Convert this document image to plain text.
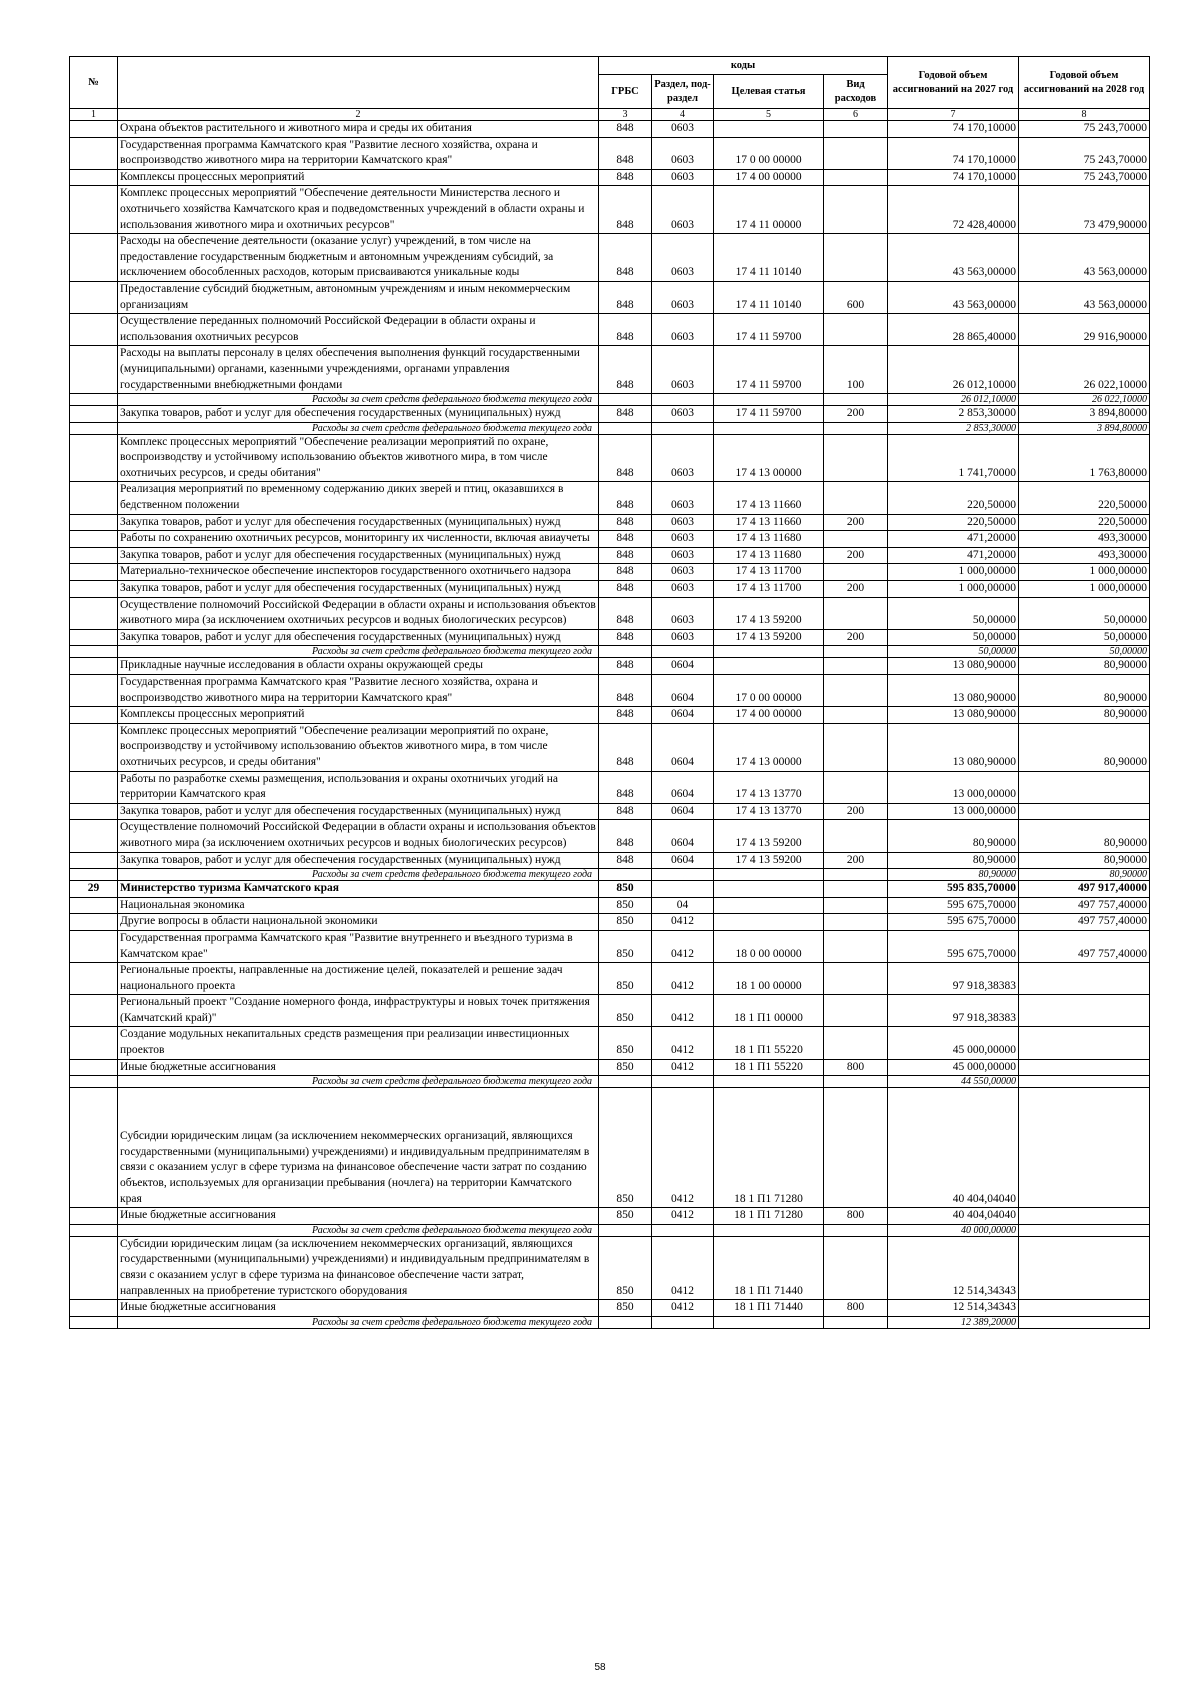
№		коды				Годовой объем ассигнований на 2027 год	Годовой объем ассигнований на 2028 год
		ГРБС	Раздел, под-раздел	Целевая статья	Вид расходов		
1	2	3	4	5	6	7	8
	Охрана объектов растительного и животного мира и среды их обитания	848	0603			74 170,10000	75 243,70000
	Государственная программа Камчатского края "Развитие лесного хозяйства, охрана и воспроизводство животного мира на территории Камчатского края"	848	0603	17 0 00 00000		74 170,10000	75 243,70000
	Комплексы процессных мероприятий	848	0603	17 4 00 00000		74 170,10000	75 243,70000
	Комплекс процессных мероприятий "Обеспечение деятельности Министерства лесного и охотничьего хозяйства Камчатского края и подведомственных учреждений в области охраны и использования животного мира и охотничьих ресурсов"	848	0603	17 4 11 00000		72 428,40000	73 479,90000
	Расходы на обеспечение деятельности (оказание услуг) учреждений, в том числе на предоставление государственным бюджетным и автономным учреждениям субсидий, за исключением обособленных расходов, которым присваиваются уникальные коды	848	0603	17 4 11 10140		43 563,00000	43 563,00000
	Предоставление субсидий бюджетным, автономным учреждениям и иным некоммерческим организациям	848	0603	17 4 11 10140	600	43 563,00000	43 563,00000
	Осуществление переданных полномочий Российской Федерации в области охраны и использования охотничьих ресурсов	848	0603	17 4 11 59700		28 865,40000	29 916,90000
	Расходы на выплаты персоналу в целях обеспечения выполнения функций государственными (муниципальными) органами, казенными учреждениями, органами управления государственными внебюджетными фондами	848	0603	17 4 11 59700	100	26 012,10000	26 022,10000
	Расходы за счет средств федерального бюджета текущего года					26 012,10000	26 022,10000
	Закупка товаров, работ и услуг для обеспечения государственных (муниципальных) нужд	848	0603	17 4 11 59700	200	2 853,30000	3 894,80000
	Расходы за счет средств федерального бюджета текущего года					2 853,30000	3 894,80000
	Комплекс процессных мероприятий "Обеспечение реализации мероприятий по охране, воспроизводству и устойчивому использованию объектов животного мира, в том числе охотничьих ресурсов, и среды обитания"	848	0603	17 4 13 00000		1 741,70000	1 763,80000
	Реализация мероприятий по временному содержанию диких зверей и птиц, оказавшихся в бедственном положении	848	0603	17 4 13 11660		220,50000	220,50000
	Закупка товаров, работ и услуг для обеспечения государственных (муниципальных) нужд	848	0603	17 4 13 11660	200	220,50000	220,50000
	Работы по сохранению охотничьих ресурсов, мониторингу их численности, включая авиаучеты	848	0603	17 4 13 11680		471,20000	493,30000
	Закупка товаров, работ и услуг для обеспечения государственных (муниципальных) нужд	848	0603	17 4 13 11680	200	471,20000	493,30000
	Материально-техническое обеспечение инспекторов государственного охотничьего надзора	848	0603	17 4 13 11700		1 000,00000	1 000,00000
	Закупка товаров, работ и услуг для обеспечения государственных (муниципальных) нужд	848	0603	17 4 13 11700	200	1 000,00000	1 000,00000
	Осуществление полномочий Российской Федерации в области охраны и использования объектов животного мира (за исключением охотничьих ресурсов и водных биологических ресурсов)	848	0603	17 4 13 59200		50,00000	50,00000
	Закупка товаров, работ и услуг для обеспечения государственных (муниципальных) нужд	848	0603	17 4 13 59200	200	50,00000	50,00000
	Расходы за счет средств федерального бюджета текущего года					50,00000	50,00000
	Прикладные научные исследования в области охраны окружающей среды	848	0604			13 080,90000	80,90000
	Государственная программа Камчатского края "Развитие лесного хозяйства, охрана и воспроизводство животного мира на территории Камчатского края"	848	0604	17 0 00 00000		13 080,90000	80,90000
	Комплексы процессных мероприятий	848	0604	17 4 00 00000		13 080,90000	80,90000
	Комплекс процессных мероприятий "Обеспечение реализации мероприятий по охране, воспроизводству и устойчивому использованию объектов животного мира, в том числе охотничьих ресурсов, и среды обитания"	848	0604	17 4 13 00000		13 080,90000	80,90000
	Работы по разработке схемы размещения, использования и охраны охотничьих угодий на территории Камчатского края	848	0604	17 4 13 13770		13 000,00000	
	Закупка товаров, работ и услуг для обеспечения государственных (муниципальных) нужд	848	0604	17 4 13 13770	200	13 000,00000	
	Осуществление полномочий Российской Федерации в области охраны и использования объектов животного мира (за исключением охотничьих ресурсов и водных биологических ресурсов)	848	0604	17 4 13 59200		80,90000	80,90000
	Закупка товаров, работ и услуг для обеспечения государственных (муниципальных) нужд	848	0604	17 4 13 59200	200	80,90000	80,90000
	Расходы за счет средств федерального бюджета текущего года					80,90000	80,90000
29	Министерство туризма Камчатского края	850				595 835,70000	497 917,40000
	Национальная экономика	850	04			595 675,70000	497 757,40000
	Другие вопросы в области национальной экономики	850	0412			595 675,70000	497 757,40000
	Государственная программа Камчатского края "Развитие внутреннего и въездного туризма в Камчатском крае"	850	0412	18 0 00 00000		595 675,70000	497 757,40000
	Региональные проекты, направленные на достижение целей, показателей и решение задач национального проекта	850	0412	18 1 00 00000		97 918,38383	
	Региональный проект "Создание номерного фонда, инфраструктуры и новых точек притяжения (Камчатский край)"	850	0412	18 1 П1 00000		97 918,38383	
	Создание модульных некапитальных средств размещения при реализации инвестиционных проектов	850	0412	18 1 П1 55220		45 000,00000	
	Иные бюджетные ассигнования	850	0412	18 1 П1 55220	800	45 000,00000	
	Расходы за счет средств федерального бюджета текущего года					44 550,00000	
	Субсидии юридическим лицам (за исключением некоммерческих организаций, являющихся государственными (муниципальными) учреждениями) и индивидуальным предпринимателям в связи с оказанием услуг в сфере туризма на финансовое обеспечение части затрат по созданию объектов, используемых для организации пребывания (ночлега) на территории Камчатского края	850	0412	18 1 П1 71280		40 404,04040	
	Иные бюджетные ассигнования	850	0412	18 1 П1 71280	800	40 404,04040	
	Расходы за счет средств федерального бюджета текущего года					40 000,00000	
	Субсидии юридическим лицам (за исключением некоммерческих организаций, являющихся государственными (муниципальными) учреждениями) и индивидуальным предпринимателям в связи с оказанием услуг в сфере туризма на финансовое обеспечение части затрат, направленных на приобретение туристского оборудования	850	0412	18 1 П1 71440		12 514,34343	
	Иные бюджетные ассигнования	850	0412	18 1 П1 71440	800	12 514,34343	
	Расходы за счет средств федерального бюджета текущего года					12 389,20000	
58
